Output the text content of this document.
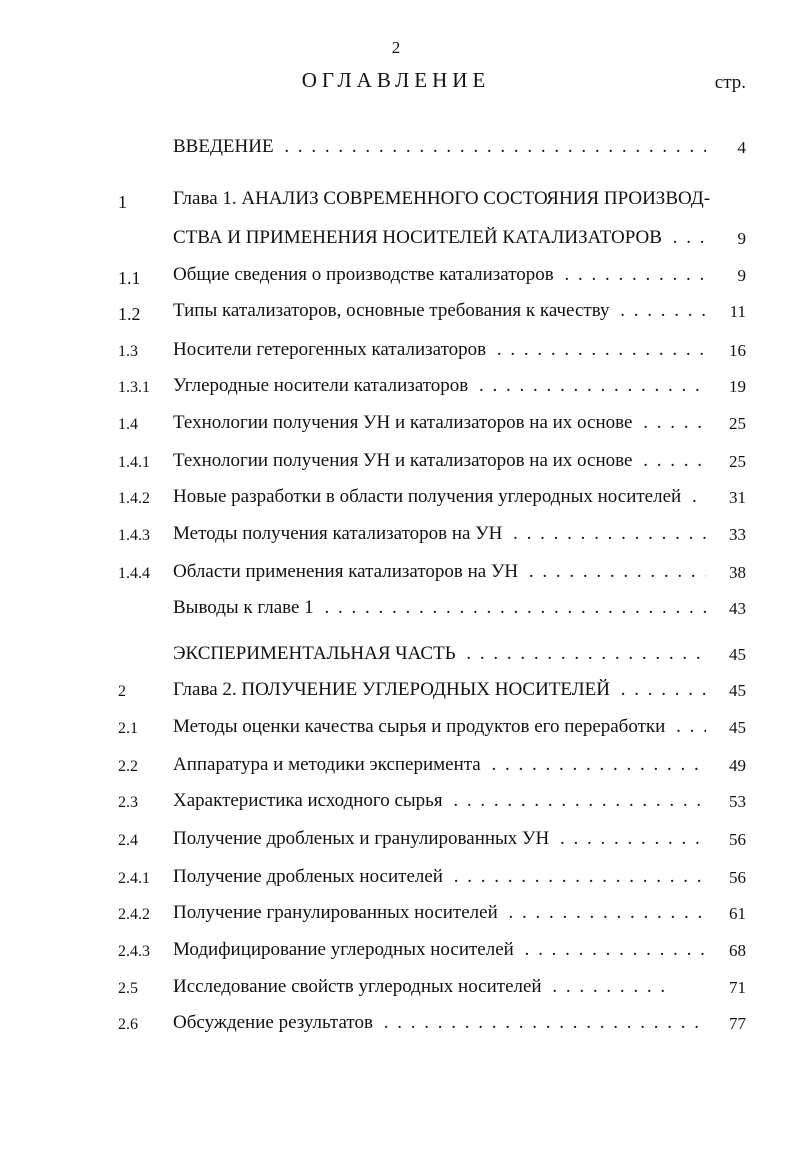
2
ОГЛАВЛЕНИЕ	стр.
ВВЕДЕНИЕ . . .	4
1 Глава 1. АНАЛИЗ СОВРЕМЕННОГО СОСТОЯНИЯ ПРОИЗВОД-
СТВА И ПРИМЕНЕНИЯ НОСИТЕЛЕЙ КАТАЛИЗАТОРОВ . . .	9
1.1 Общие сведения о производстве катализаторов . . .	9
1.2 Типы катализаторов, основные требования к качеству . . .	11
1.3 Носители гетерогенных катализаторов . . .	16
1.3.1 Углеродные носители катализаторов . . .	19
1.4 Технологии получения УН и катализаторов на их основе . . .	25
1.4.1 Технологии получения УН и катализаторов на их основе . . .	25
1.4.2 Новые разработки в области получения углеродных носителей . . .	31
1.4.3 Методы получения катализаторов на УН . . .	33
1.4.4 Области применения катализаторов на УН . . .	38
Выводы к главе 1 . . .	43
ЭКСПЕРИМЕНТАЛЬНАЯ ЧАСТЬ . . .	45
2 Глава 2. ПОЛУЧЕНИЕ УГЛЕРОДНЫХ НОСИТЕЛЕЙ . . .	45
2.1 Методы оценки качества сырья и продуктов его переработки . . .	45
2.2 Аппаратура и методики эксперимента . . .	49
2.3 Характеристика исходного сырья . . .	53
2.4 Получение дробленых и гранулированных УН . . .	56
2.4.1 Получение дробленых носителей . . .	56
2.4.2 Получение гранулированных носителей . . .	61
2.4.3 Модифицирование углеродных носителей . . .	68
2.5 Исследование свойств углеродных носителей . . .	71
2.6 Обсуждение результатов . . .	77
